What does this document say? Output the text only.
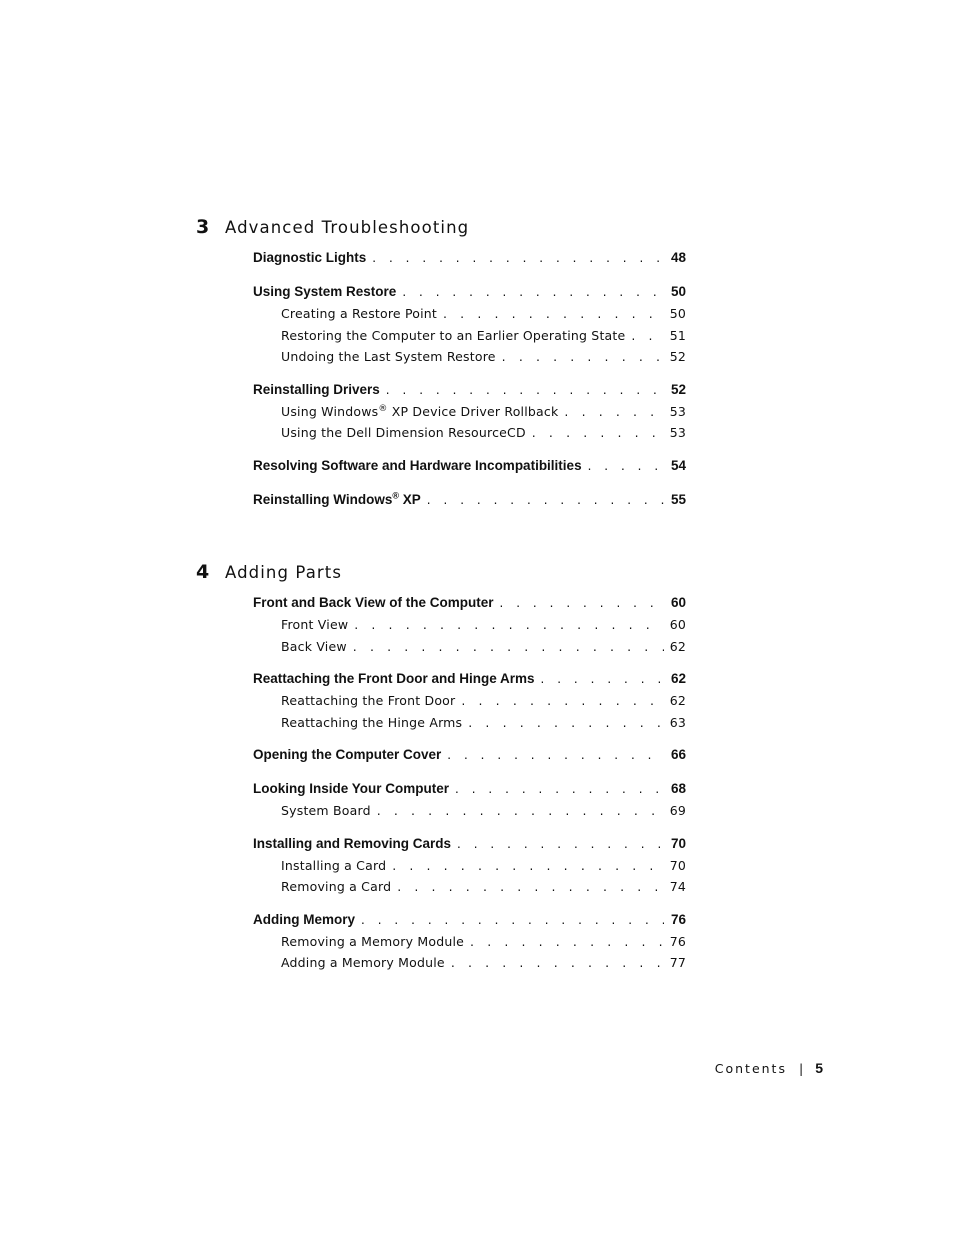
3 Advanced Troubleshooting
Diagnostic Lights . . .	48
Using System Restore . . .	50
Creating a Restore Point . . .	50
Restoring the Computer to an Earlier Operating State . . .	51
Undoing the Last System Restore . . .	52
Reinstalling Drivers . . .	52
Using Windows® XP Device Driver Rollback . . .	53
Using the Dell Dimension ResourceCD . . .	53
Resolving Software and Hardware Incompatibilities . . .	54
Reinstalling Windows® XP . . .	55
4 Adding Parts
Front and Back View of the Computer . . .	60
Front View . . .	60
Back View . . .	62
Reattaching the Front Door and Hinge Arms . . .	62
Reattaching the Front Door . . .	62
Reattaching the Hinge Arms . . .	63
Opening the Computer Cover . . .	66
Looking Inside Your Computer . . .	68
System Board . . .	69
Installing and Removing Cards . . .	70
Installing a Card . . .	70
Removing a Card . . .	74
Adding Memory . . .	76
Removing a Memory Module . . .	76
Adding a Memory Module . . .	77
Contents | 5
